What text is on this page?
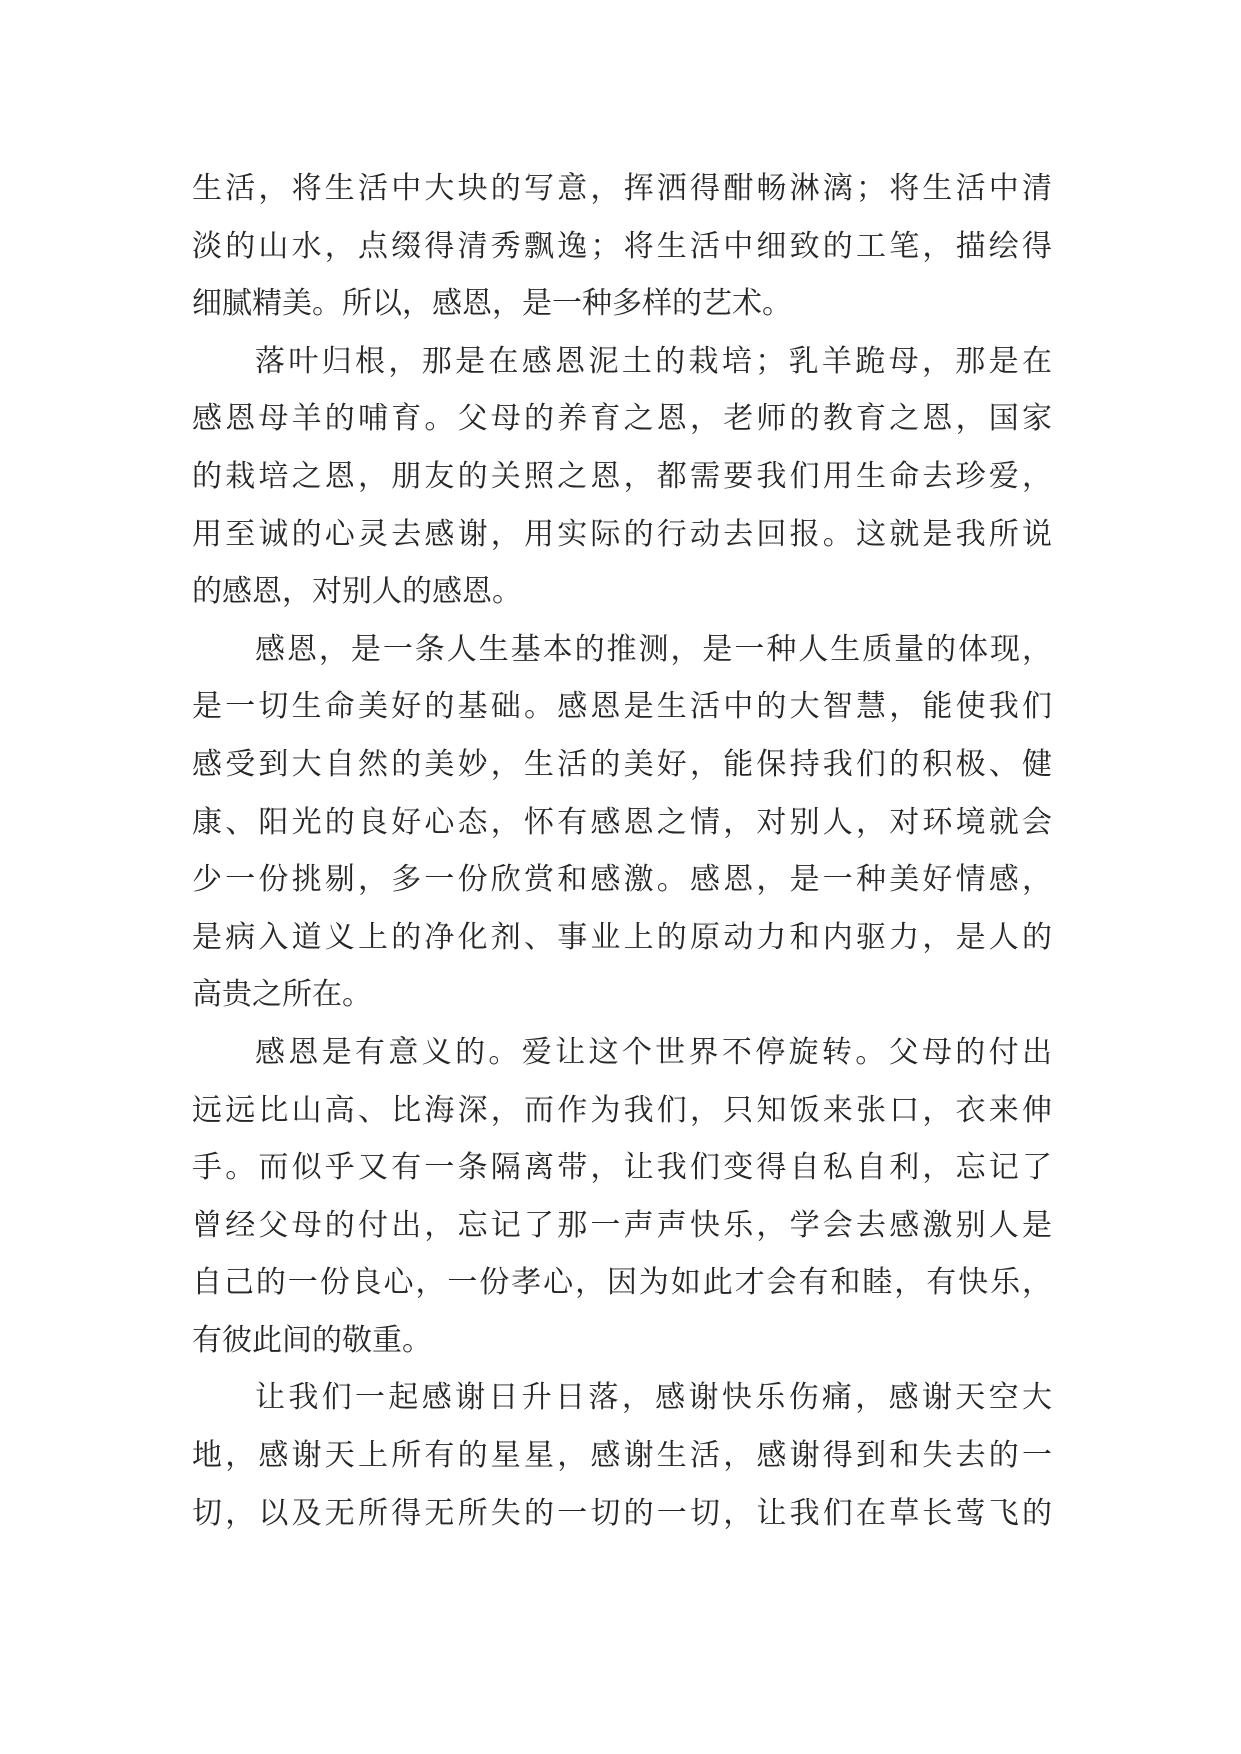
生活，将生活中大块的写意，挥洒得酣畅淋漓；将生活中清
淡的山水，点缀得清秀飘逸；将生活中细致的工笔，描绘得
细腻精美。所以，感恩，是一种多样的艺术。
落叶归根，那是在感恩泥土的栽培；乳羊跪母，那是在
感恩母羊的哺育。父母的养育之恩，老师的教育之恩，国家
的栽培之恩，朋友的关照之恩，都需要我们用生命去珍爱，
用至诚的心灵去感谢，用实际的行动去回报。这就是我所说
的感恩，对别人的感恩。
感恩，是一条人生基本的推测，是一种人生质量的体现，
是一切生命美好的基础。感恩是生活中的大智慧，能使我们
感受到大自然的美妙，生活的美好，能保持我们的积极、健
康、阳光的良好心态，怀有感恩之情，对别人，对环境就会
少一份挑剔，多一份欣赏和感激。感恩，是一种美好情感，
是病入道义上的净化剂、事业上的原动力和内驱力，是人的
高贵之所在。
感恩是有意义的。爱让这个世界不停旋转。父母的付出
远远比山高、比海深，而作为我们，只知饭来张口，衣来伸
手。而似乎又有一条隔离带，让我们变得自私自利，忘记了
曾经父母的付出，忘记了那一声声快乐，学会去感激别人是
自己的一份良心，一份孝心，因为如此才会有和睦，有快乐，
有彼此间的敬重。
让我们一起感谢日升日落，感谢快乐伤痛，感谢天空大
地，感谢天上所有的星星，感谢生活，感谢得到和失去的一
切，以及无所得无所失的一切的一切，让我们在草长莺飞的
